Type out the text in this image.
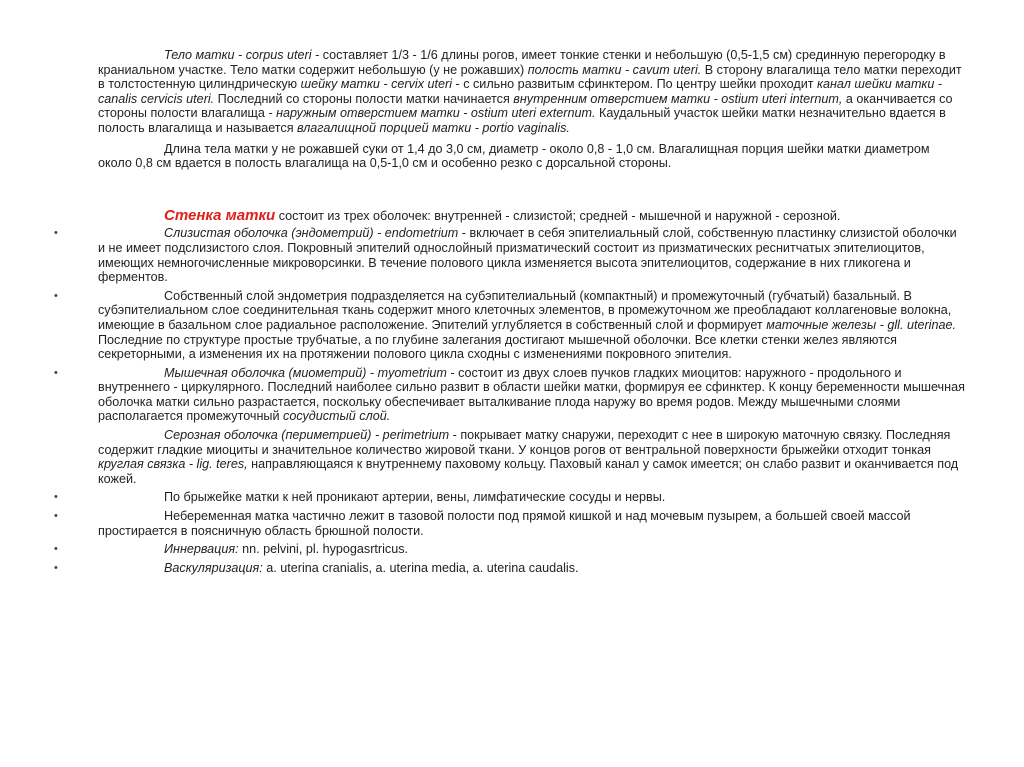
Тело матки - corpus uteri - составляет 1/3 - 1/6 длины рогов, имеет тонкие стенки и небольшую (0,5-1,5 см) срединную перегородку в краниальном участке. Тело матки содержит небольшую (у не рожавших) полость матки - cavum uteri. В сторону влагалища тело матки переходит в толстостенную цилиндрическую шейку матки - cervix uteri - с сильно развитым сфинктером. По центру шейки проходит канал шейки матки - canalis cervicis uteri. Последний со стороны полости матки начинается внутренним отверстием матки - ostium uteri internum, а оканчивается со стороны полости влагалища - наружным отверстием матки - ostium uteri externum. Каудальный участок шейки матки незначительно вдается в полость влагалища и называется влагалищной порцией матки - portio vaginalis.

Длина тела матки у не рожавшей суки от 1,4 до 3,0 см, диаметр - около 0,8 - 1,0 см. Влагалищная порция шейки матки диаметром около 0,8 см вдается в полость влагалища на 0,5-1,0 см и особенно резко с дорсальной стороны.

Стенка матки состоит из трех оболочек: внутренней - слизистой; средней - мышечной и наружной - серозной.

•	Слизистая оболочка (эндометрий) - endometrium - включает в себя эпителиальный слой, собственную пластинку слизистой оболочки и не имеет подслизистого слоя. Покровный эпителий однослойный призматический состоит из призматических реснитчатых эпителиоцитов, имеющих немногочисленные микроворсинки. В течение полового цикла изменяется высота эпителиоцитов, содержание в них гликогена и ферментов.

•	Собственный слой эндометрия подразделяется на субэпителиальный (компактный) и промежуточный (губчатый) базальный. В субэпителиальном слое соединительная ткань содержит много клеточных элементов, в промежуточном же преобладают коллагеновые волокна, имеющие в базальном слое радиальное расположение. Эпителий углубляется в собственный слой и формирует маточные железы - gll. uterinae. Последние по структуре простые трубчатые, а по глубине залегания достигают мышечной оболочки. Все клетки стенки желез являются секреторными, а изменения их на протяжении полового цикла сходны с изменениями покровного эпителия.

•	Мышечная оболочка (миометрий) - myometrium - состоит из двух слоев пучков гладких миоцитов: наружного - продольного и внутреннего - циркулярного. Последний наиболее сильно развит в области шейки матки, формируя ее сфинктер. К концу беременности мышечная оболочка матки сильно разрастается, поскольку обеспечивает выталкивание плода наружу во время родов. Между мышечными слоями располагается промежуточный сосудистый слой.

Серозная оболочка (периметрией) - perimetrium - покрывает матку снаружи, переходит с нее в широкую маточную связку. Последняя содержит гладкие миоциты и значительное количество жировой ткани. У концов рогов от вентральной поверхности брыжейки отходит тонкая круглая связка - lig. teres, направляющаяся к внутреннему паховому кольцу. Паховый канал у самок имеется; он слабо развит и оканчивается под кожей.

•	По брыжейке матки к ней проникают артерии, вены, лимфатические сосуды и нервы.

•	Небеременная матка частично лежит в тазовой полости под прямой кишкой и над мочевым пузырем, а большей своей массой простирается в поясничную область брюшной полости.

•	Иннервация: nn. pelvini, pl. hypogasrtricus.

•	Васкуляризация: a. uterina cranialis, a. uterina media, a. uterina caudalis.
